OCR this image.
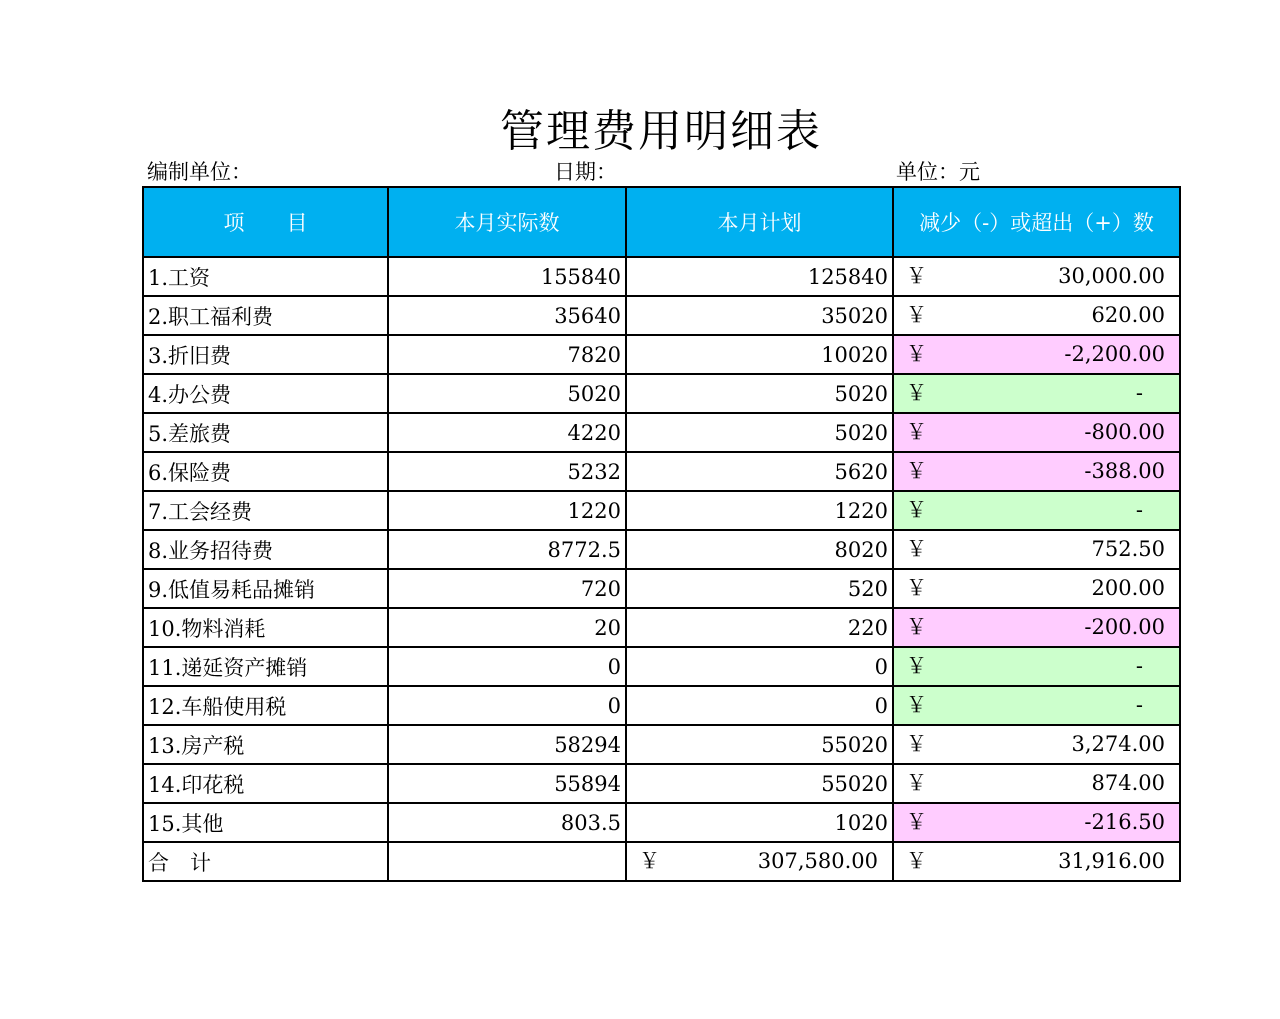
管理费用明细表
编制单位：	日期：	单位：元
项　　目	本月实际数	本月计划	减少（-）或超出（+）数
1.工资	155840	125840	￥ 30,000.00

2.职工福利费	35640	35020	￥ 620.00

3.折旧费	7820	10020	￥ -2,200.00

4.办公费	5020	5020	￥ -

5.差旅费	4220	5020	￥ -800.00

6.保险费	5232	5620	￥ -388.00

7.工会经费	1220	1220	￥ -

8.业务招待费	8772.5	8020	￥ 752.50

9.低值易耗品摊销	720	520	￥ 200.00

10.物料消耗	20	220	￥ -200.00

11.递延资产摊销	0	0	￥ -

12.车船使用税	0	0	￥ -

13.房产税	58294	55020	￥ 3,274.00

14.印花税	55894	55020	￥ 874.00

15.其他	803.5	1020	￥ -216.50

合　计		￥ 307,580.00	￥ 31,916.00
